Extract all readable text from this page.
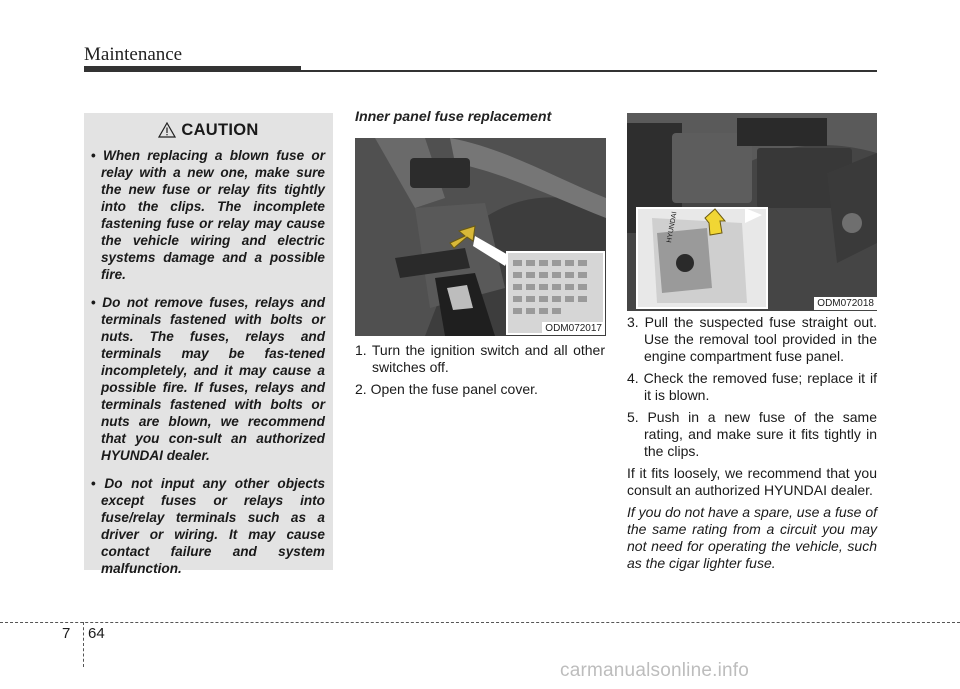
Maintenance
CAUTION
• When replacing a blown fuse or relay with a new one, make sure the new fuse or relay fits tightly into the clips. The incomplete fastening fuse or relay may cause the vehicle wiring and electric systems damage and a possible fire.
• Do not remove fuses, relays and terminals fastened with bolts or nuts. The fuses, relays and terminals may be fas-tened incompletely, and it may cause a possible fire. If fuses, relays and terminals fastened with bolts or nuts are blown, we recommend that you con-sult an authorized HYUNDAI dealer.
• Do not input any other objects except fuses or relays into fuse/relay terminals such as a driver or wiring. It may cause contact failure and system malfunction.
Inner panel fuse replacement
ODM072017
1. Turn the ignition switch and all other switches off.
2. Open the fuse panel cover.
HYUNDAI
ODM072018
3. Pull the suspected fuse straight out. Use the removal tool provided in the engine compartment fuse panel.
4. Check the removed fuse; replace it if it is blown.
5. Push in a new fuse of the same rating, and make sure it fits tightly in the clips.
If it fits loosely, we recommend that you consult an authorized HYUNDAI dealer.
If you do not have a spare, use a fuse of the same rating from a circuit you may not need for operating the vehicle, such as the cigar lighter fuse.
7 64
carmanualsonline.info
